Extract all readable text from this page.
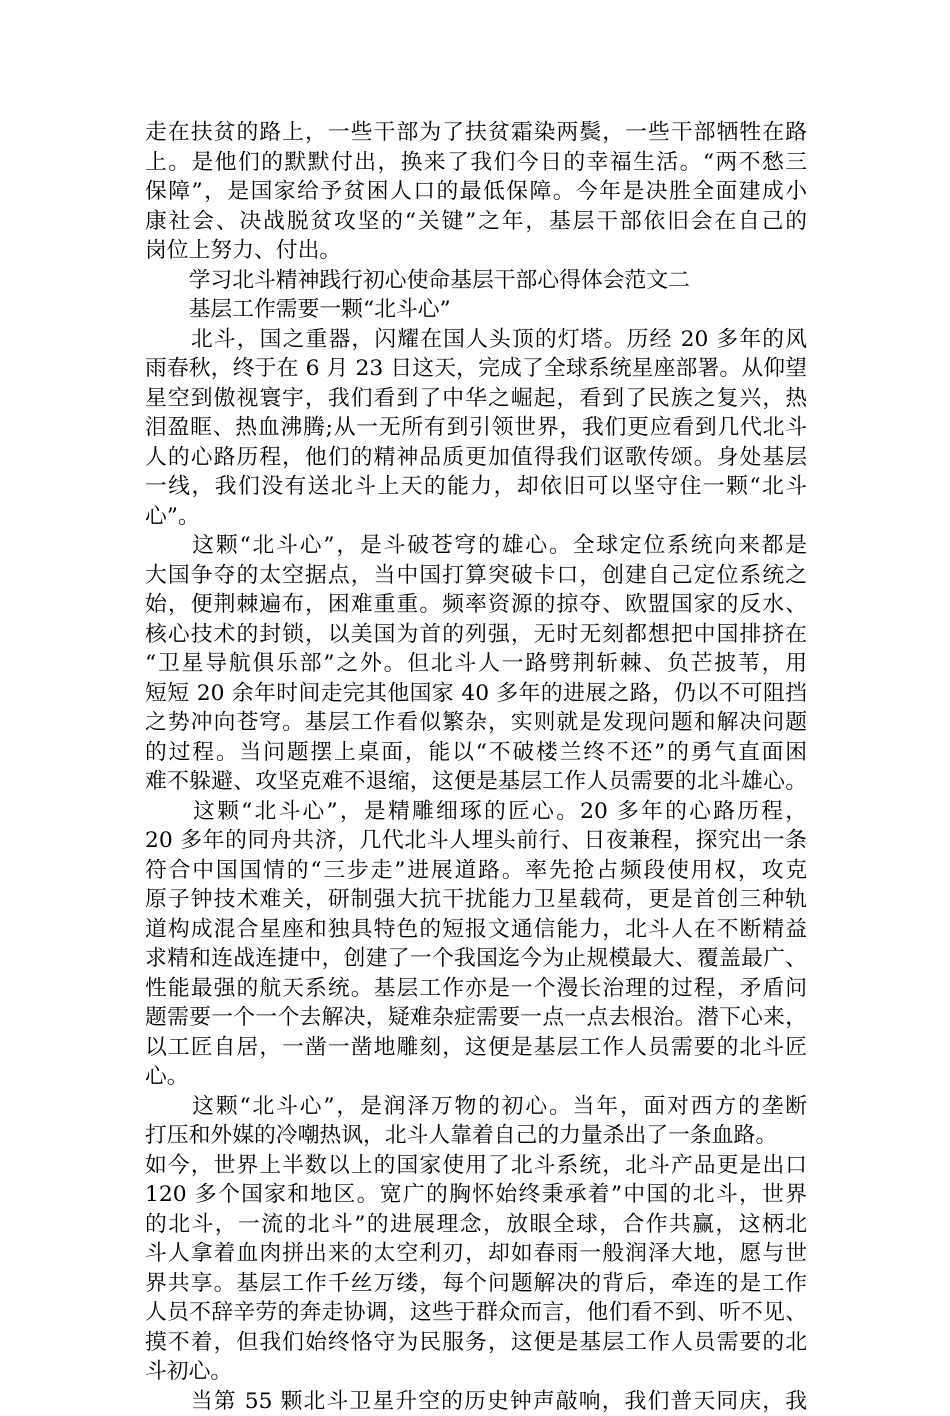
走在扶贫的路上，一些干部为了扶贫霜染两鬓，一些干部牺牲在路
上。是他们的默默付出，换来了我们今日的幸福生活。“两不愁三
保障”，是国家给予贫困人口的最低保障。今年是决胜全面建成小
康社会、决战脱贫攻坚的“关键”之年，基层干部依旧会在自己的
岗位上努力、付出。
　　学习北斗精神践行初心使命基层干部心得体会范文二
　　基层工作需要一颗“北斗心”
　　北斗，国之重器，闪耀在国人头顶的灯塔。历经 20 多年的风
雨春秋，终于在 6 月 23 日这天，完成了全球系统星座部署。从仰望
星空到傲视寰宇，我们看到了中华之崛起，看到了民族之复兴，热
泪盈眶、热血沸腾;从一无所有到引领世界，我们更应看到几代北斗
人的心路历程，他们的精神品质更加值得我们讴歌传颂。身处基层
一线，我们没有送北斗上天的能力，却依旧可以坚守住一颗“北斗
心”。
　　这颗“北斗心”，是斗破苍穹的雄心。全球定位系统向来都是
大国争夺的太空据点，当中国打算突破卡口，创建自己定位系统之
始，便荆棘遍布，困难重重。频率资源的掠夺、欧盟国家的反水、
核心技术的封锁，以美国为首的列强，无时无刻都想把中国排挤在
“卫星导航俱乐部”之外。但北斗人一路劈荆斩棘、负芒披苇，用
短短 20 余年时间走完其他国家 40 多年的进展之路，仍以不可阻挡
之势冲向苍穹。基层工作看似繁杂，实则就是发现问题和解决问题
的过程。当问题摆上桌面，能以“不破楼兰终不还”的勇气直面困
难不躲避、攻坚克难不退缩，这便是基层工作人员需要的北斗雄心。
　　这颗“北斗心”，是精雕细琢的匠心。20 多年的心路历程，
20 多年的同舟共济，几代北斗人埋头前行、日夜兼程，探究出一条
符合中国国情的“三步走”进展道路。率先抢占频段使用权，攻克
原子钟技术难关，研制强大抗干扰能力卫星载荷，更是首创三种轨
道构成混合星座和独具特色的短报文通信能力，北斗人在不断精益
求精和连战连捷中，创建了一个我国迄今为止规模最大、覆盖最广、
性能最强的航天系统。基层工作亦是一个漫长治理的过程，矛盾问
题需要一个一个去解决，疑难杂症需要一点一点去根治。潜下心来，
以工匠自居，一凿一凿地雕刻，这便是基层工作人员需要的北斗匠
心。
　　这颗“北斗心”，是润泽万物的初心。当年，面对西方的垄断
打压和外媒的冷嘲热讽，北斗人靠着自己的力量杀出了一条血路。
如今，世界上半数以上的国家使用了北斗系统，北斗产品更是出口
120 多个国家和地区。宽广的胸怀始终秉承着”中国的北斗，世界
的北斗，一流的北斗”的进展理念，放眼全球，合作共赢，这柄北
斗人拿着血肉拼出来的太空利刃，却如春雨一般润泽大地，愿与世
界共享。基层工作千丝万缕，每个问题解决的背后，牵连的是工作
人员不辞辛劳的奔走协调，这些于群众而言，他们看不到、听不见、
摸不着，但我们始终恪守为民服务，这便是基层工作人员需要的北
斗初心。
　　当第 55 颗北斗卫星升空的历史钟声敲响，我们普天同庆，我
